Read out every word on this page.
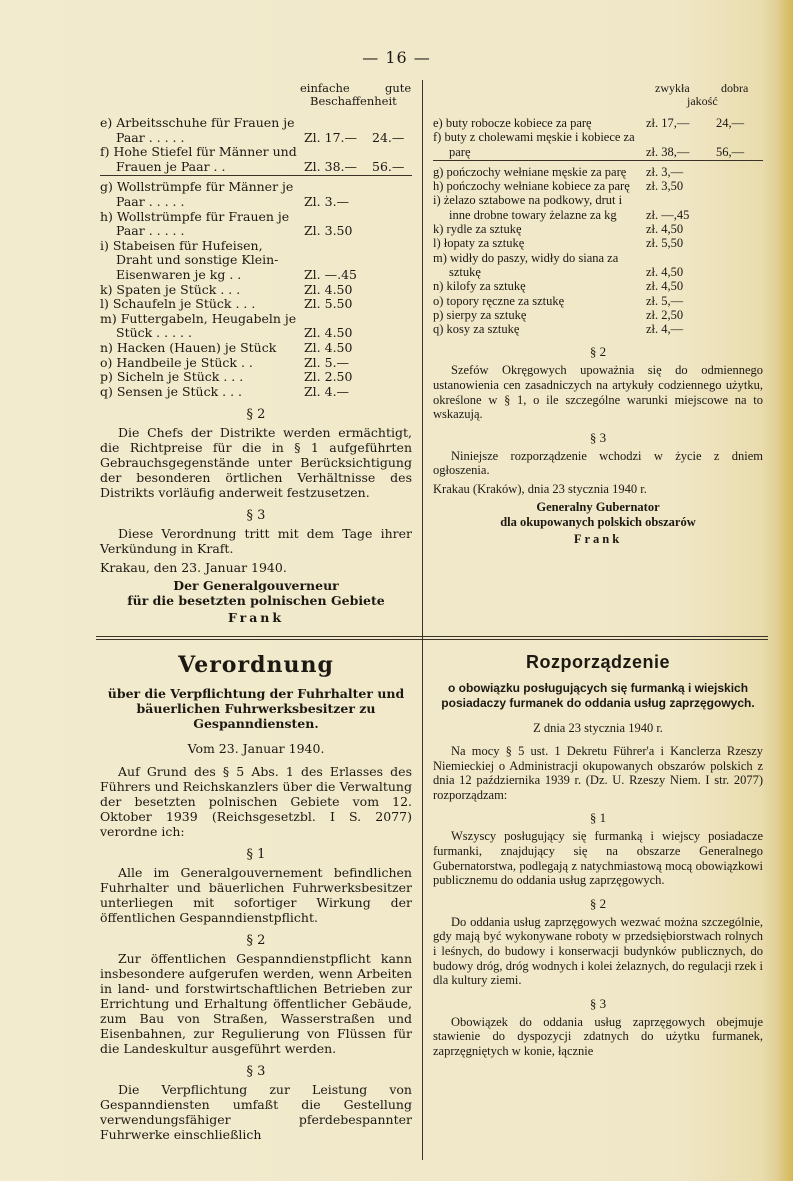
— 16 —
einfache	gute
Beschaffenheit
e) Arbeitsschuhe für Frauen je Paar . . . . .	Zl. 17.— 24.—
f) Hohe Stiefel für Männer und Frauen je Paar . .	Zl. 38.— 56.—
g) Wollstrümpfe für Männer je Paar . . . . .	Zl. 3.—
h) Wollstrümpfe für Frauen je Paar . . . . .	Zl. 3.50
i) Stabeisen für Hufeisen, Draht und sonstige Klein-Eisenwaren je kg . .	Zl. —.45
k) Spaten je Stück . . .	Zl. 4.50
l) Schaufeln je Stück . . .	Zl. 5.50
m) Futtergabeln, Heugabeln je Stück . . . . .	Zl. 4.50
n) Hacken (Hauen) je Stück	Zl. 4.50
o) Handbeile je Stück . .	Zl. 5.—
p) Sicheln je Stück . . .	Zl. 2.50
q) Sensen je Stück . . .	Zl. 4.—
§ 2

Die Chefs der Distrikte werden ermächtigt, die Richtpreise für die in § 1 aufgeführten Gebrauchsgegenstände unter Berücksichtigung der besonderen örtlichen Verhältnisse des Distrikts vorläufig anderweit festzusetzen.

§ 3

Diese Verordnung tritt mit dem Tage ihrer Verkündung in Kraft.

Krakau, den 23. Januar 1940.
Der Generalgouverneur
für die besetzten polnischen Gebiete
Frank
zwykła	dobra
jakość
e) buty robocze kobiece za parę	zł. 17,— 24,—
f) buty z cholewami męskie i kobiece za parę	zł. 38,— 56,—
g) pończochy wełniane męskie za parę	zł. 3,—
h) pończochy wełniane kobiece za parę	zł. 3,50
i) żelazo sztabowe na podkowy, drut i inne drobne towary żelazne za kg	zł. —,45
k) rydle za sztukę	zł. 4,50
l) łopaty za sztukę	zł. 5,50
m) widły do paszy, widły do siana za sztukę	zł. 4,50
n) kilofy za sztukę	zł. 4,50
o) topory ręczne za sztukę	zł. 5,—
p) sierpy za sztukę	zł. 2,50
q) kosy za sztukę	zł. 4,—
§ 2

Szefów Okręgowych upoważnia się do odmiennego ustanowienia cen zasadniczych na artykuły codziennego użytku, określone w § 1, o ile szczególne warunki miejscowe na to wskazują.

§ 3

Niniejsze rozporządzenie wchodzi w życie z dniem ogłoszenia.

Krakau (Kraków), dnia 23 stycznia 1940 r.
Generalny Gubernator
dla okupowanych polskich obszarów
Frank
Verordnung
über die Verpflichtung der Fuhrhalter und bäuerlichen Fuhrwerksbesitzer zu Gespanndiensten.
Vom 23. Januar 1940.

Auf Grund des § 5 Abs. 1 des Erlasses des Führers und Reichskanzlers über die Verwaltung der besetzten polnischen Gebiete vom 12. Oktober 1939 (Reichsgesetzbl. I S. 2077) verordne ich:

§ 1

Alle im Generalgouvernement befindlichen Fuhrhalter und bäuerlichen Fuhrwerksbesitzer unterliegen mit sofortiger Wirkung der öffentlichen Gespanndienstpflicht.

§ 2

Zur öffentlichen Gespanndienstpflicht kann insbesondere aufgerufen werden, wenn Arbeiten in land- und forstwirtschaftlichen Betrieben zur Errichtung und Erhaltung öffentlicher Gebäude, zum Bau von Straßen, Wasserstraßen und Eisenbahnen, zur Regulierung von Flüssen für die Landeskultur ausgeführt werden.

§ 3

Die Verpflichtung zur Leistung von Gespanndiensten umfaßt die Gestellung verwendungsfähiger pferdebespannter Fuhrwerke einschließlich

Rozporządzenie
o obowiązku posługujących się furmanką i wiejskich posiadaczy furmanek do oddania usług zaprzęgowych.
Z dnia 23 stycznia 1940 r.

Na mocy § 5 ust. 1 Dekretu Führer'a i Kanclerza Rzeszy Niemieckiej o Administracji okupowanych obszarów polskich z dnia 12 października 1939 r. (Dz. U. Rzeszy Niem. I str. 2077) rozporządzam:

§ 1

Wszyscy posługujący się furmanką i wiejscy posiadacze furmanki, znajdujący się na obszarze Generalnego Gubernatorstwa, podlegają z natychmiastową mocą obowiązkowi publicznemu do oddania usług zaprzęgowych.

§ 2

Do oddania usług zaprzęgowych wezwać można szczególnie, gdy mają być wykonywane roboty w przedsiębiorstwach rolnych i leśnych, do budowy i konserwacji budynków publicznych, do budowy dróg, dróg wodnych i kolei żelaznych, do regulacji rzek i dla kultury ziemi.

§ 3

Obowiązek do oddania usług zaprzęgowych obejmuje stawienie do dyspozycji zdatnych do użytku furmanek, zaprzęgniętych w konie, łącznie
